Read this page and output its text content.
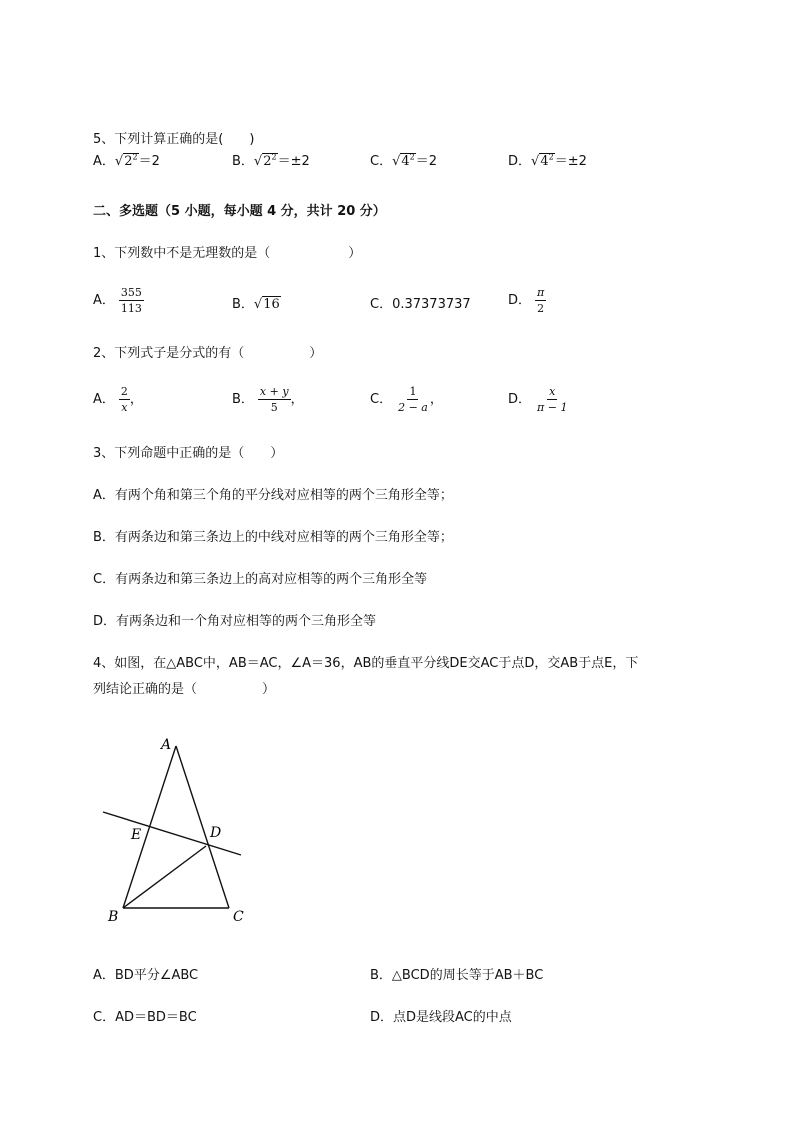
5、下列计算正确的是(　　)
A．$√2^2=2$	B．$√2^2=\pm 2$	C．$√4^2=2$	D．$√4^2=\pm 2$
二、多选题（5 小题，每小题 4 分，共计 20 分）
1、下列数中不是无理数的是（　　　　　　）
A． $\frac{355}{113}$	B．√16	C．0.37373737	D． $\frac{\pi}{2}$
2、下列式子是分式的有（　　　　　）
A． $\frac{2}{x}$ ，	B． $\frac{x + y}{5}$ ，	C． $\frac{1}{2 - a}$ ，	D． $\frac{x}{\pi - 1}$
3、下列命题中正确的是（　　）
A．有两个角和第三个角的平分线对应相等的两个三角形全等；
B．有两条边和第三条边上的中线对应相等的两个三角形全等；
C．有两条边和第三条边上的高对应相等的两个三角形全等
D．有两条边和一个角对应相等的两个三角形全等
4、如图，在△ABC中，AB＝AC，∠A＝36，AB的垂直平分线DE交AC于点D，交AB于点E，下
列结论正确的是（　　　　　）
A
B	C
D
E
A．BD平分∠ABC	B．△BCD的周长等于AB＋BC
C．AD＝BD＝BC	D．点D是线段AC的中点
